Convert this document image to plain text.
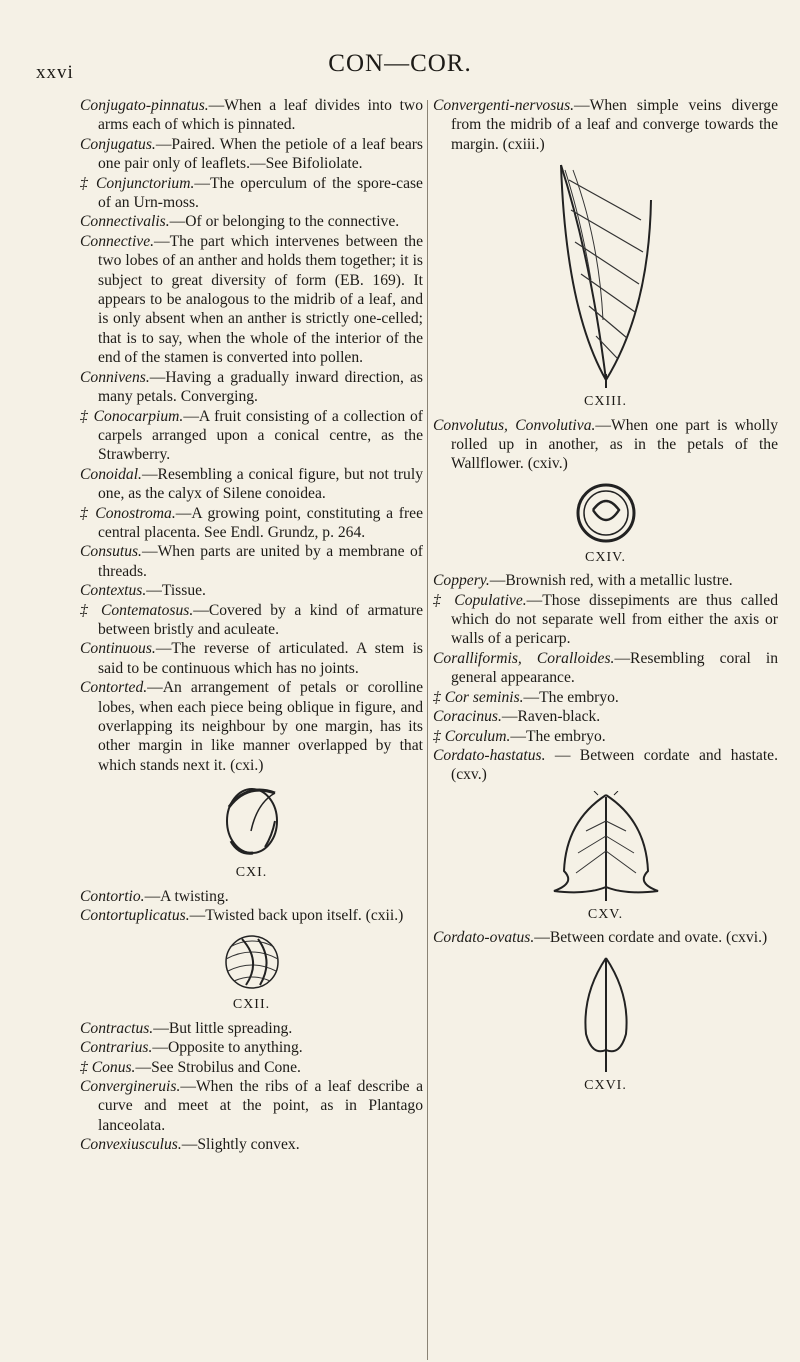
xxvi	CON—COR.

Conjugato-pinnatus.—When a leaf divides into two arms each of which is pinnated.

Conjugatus.—Paired. When the petiole of a leaf bears one pair only of leaflets.—See Bifoliolate.

‡ Conjunctorium.—The operculum of the spore-case of an Urn-moss.

Connectivalis.—Of or belonging to the connective.

Connective.—The part which intervenes between the two lobes of an anther and holds them together; it is subject to great diversity of form (EB. 169). It appears to be analogous to the midrib of a leaf, and is only absent when an anther is strictly one-celled; that is to say, when the whole of the interior of the end of the stamen is converted into pollen.

Connivens.—Having a gradually inward direction, as many petals. Converging.

‡ Conocarpium.—A fruit consisting of a collection of carpels arranged upon a conical centre, as the Strawberry.

Conoidal.—Resembling a conical figure, but not truly one, as the calyx of Silene conoidea.

‡ Conostroma.—A growing point, constituting a free central placenta. See Endl. Grundz, p. 264.

Consutus.—When parts are united by a membrane of threads.

Contextus.—Tissue.

‡ Contematosus.—Covered by a kind of armature between bristly and aculeate.

Continuous.—The reverse of articulated. A stem is said to be continuous which has no joints.

Contorted.—An arrangement of petals or corolline lobes, when each piece being oblique in figure, and overlapping its neighbour by one margin, has its other margin in like manner overlapped by that which stands next it. (cxi.)

CXI.

Contortio.—A twisting.

Contortuplicatus.—Twisted back upon itself. (cxii.)

CXII.

Contractus.—But little spreading.

Contrarius.—Opposite to anything.

‡ Conus.—See Strobilus and Cone.

Convergineruis.—When the ribs of a leaf describe a curve and meet at the point, as in Plantago lanceolata.

Convexiusculus.—Slightly convex.

Convergenti-nervosus.—When simple veins diverge from the midrib of a leaf and converge towards the margin. (cxiii.)

CXIII.

Convolutus, Convolutiva.—When one part is wholly rolled up in another, as in the petals of the Wallflower. (cxiv.)

CXIV.

Coppery.—Brownish red, with a metallic lustre.

‡ Copulative.—Those dissepiments are thus called which do not separate well from either the axis or walls of a pericarp.

Coralliformis, Coralloides.—Resembling coral in general appearance.

‡ Cor seminis.—The embryo.

Coracinus.—Raven-black.

‡ Corculum.—The embryo.

Cordato-hastatus. — Between cordate and hastate. (cxv.)

CXV.

Cordato-ovatus.—Between cordate and ovate. (cxvi.)

CXVI.
